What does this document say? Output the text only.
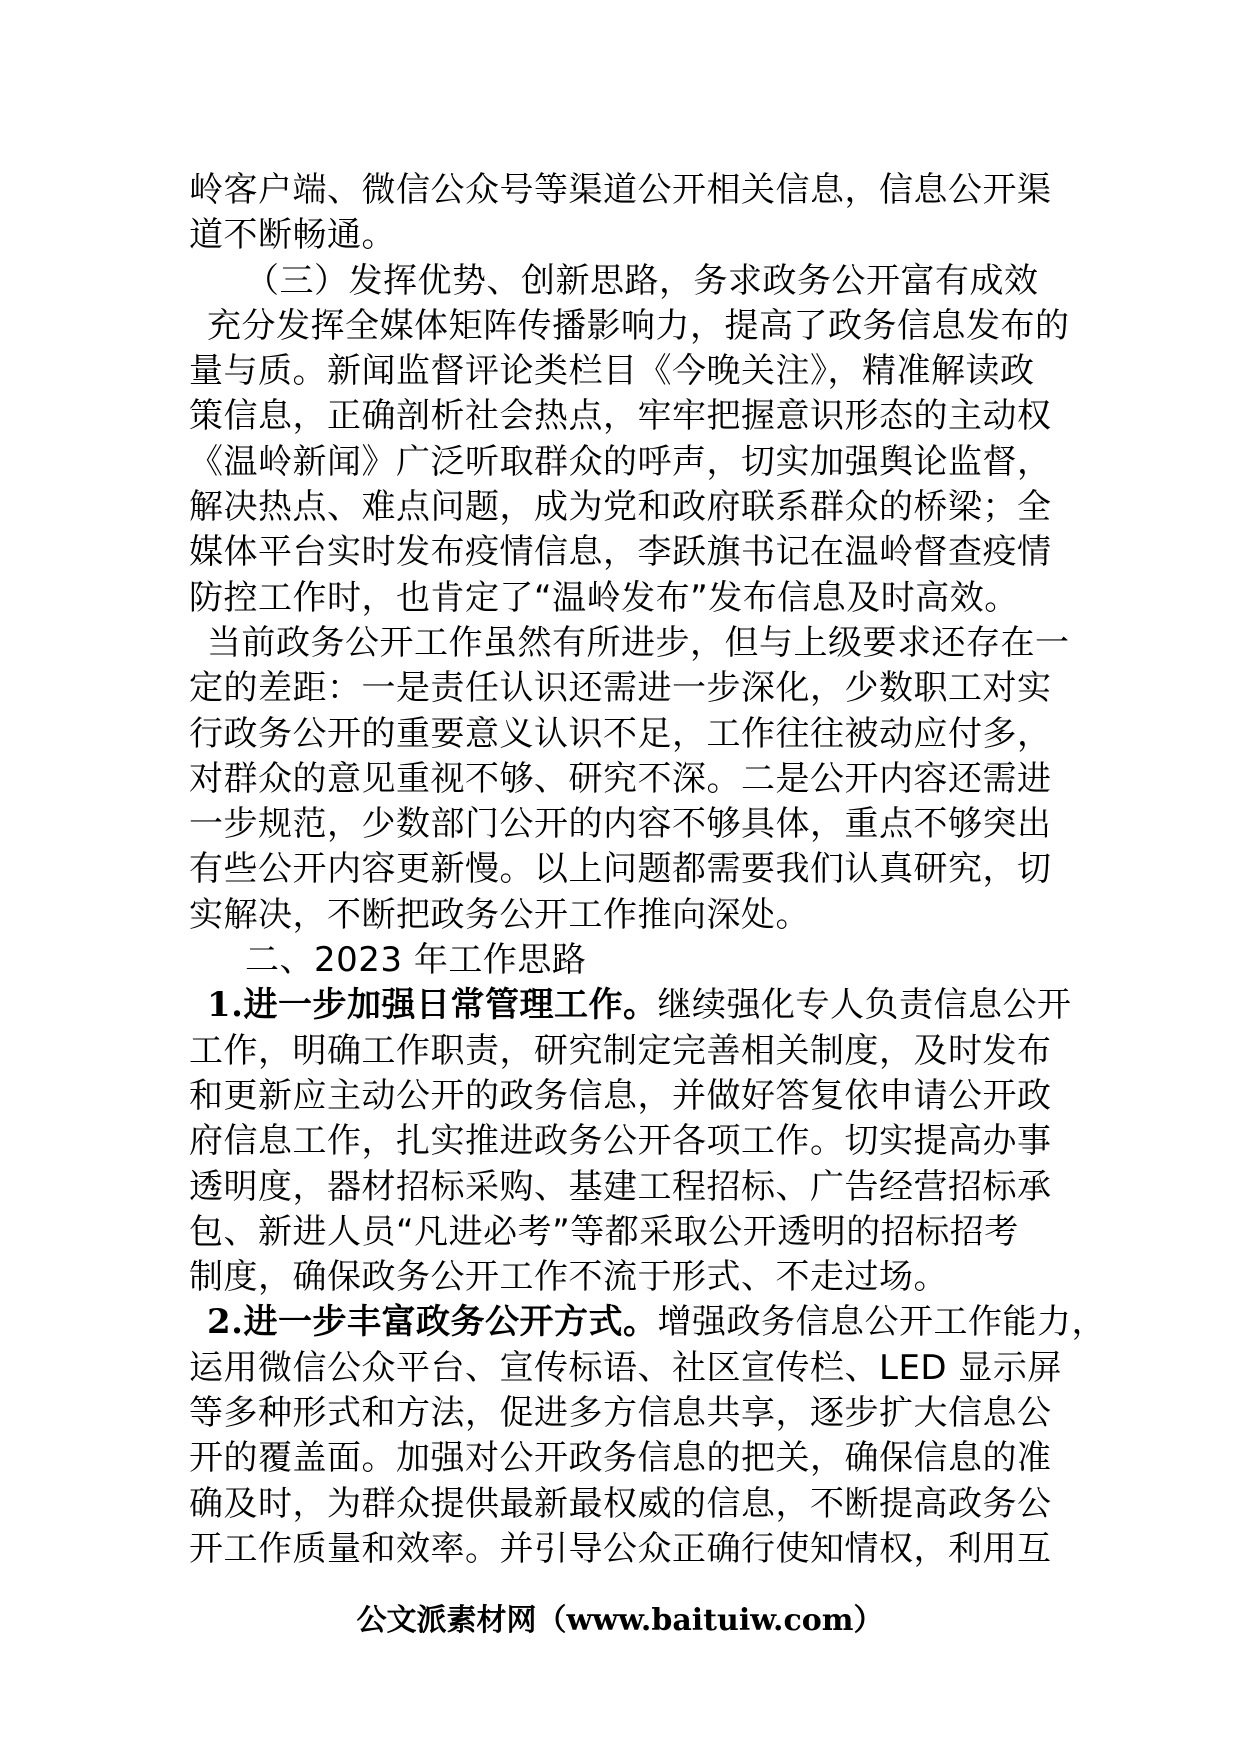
岭客户端、微信公众号等渠道公开相关信息，信息公开渠
道不断畅通。
（三）发挥优势、创新思路，务求政务公开富有成效
充分发挥全媒体矩阵传播影响力，提高了政务信息发布的
量与质。新闻监督评论类栏目《今晚关注》，精准解读政
策信息，正确剖析社会热点，牢牢把握意识形态的主动权
《温岭新闻》广泛听取群众的呼声，切实加强舆论监督，
解决热点、难点问题，成为党和政府联系群众的桥梁；全
媒体平台实时发布疫情信息，李跃旗书记在温岭督查疫情
防控工作时，也肯定了“温岭发布”发布信息及时高效。
当前政务公开工作虽然有所进步，但与上级要求还存在一
定的差距：一是责任认识还需进一步深化，少数职工对实
行政务公开的重要意义认识不足，工作往往被动应付多，
对群众的意见重视不够、研究不深。二是公开内容还需进
一步规范，少数部门公开的内容不够具体，重点不够突出
有些公开内容更新慢。以上问题都需要我们认真研究，切
实解决，不断把政务公开工作推向深处。
二、2023 年工作思路
1.进一步加强日常管理工作。继续强化专人负责信息公开
工作，明确工作职责，研究制定完善相关制度，及时发布
和更新应主动公开的政务信息，并做好答复依申请公开政
府信息工作，扎实推进政务公开各项工作。切实提高办事
透明度，器材招标采购、基建工程招标、广告经营招标承
包、新进人员“凡进必考”等都采取公开透明的招标招考
制度，确保政务公开工作不流于形式、不走过场。
2.进一步丰富政务公开方式。增强政务信息公开工作能力，
运用微信公众平台、宣传标语、社区宣传栏、LED 显示屏
等多种形式和方法，促进多方信息共享，逐步扩大信息公
开的覆盖面。加强对公开政务信息的把关，确保信息的准
确及时，为群众提供最新最权威的信息，不断提高政务公
开工作质量和效率。并引导公众正确行使知情权，利用互
公文派素材网（www.baituiw.com）
